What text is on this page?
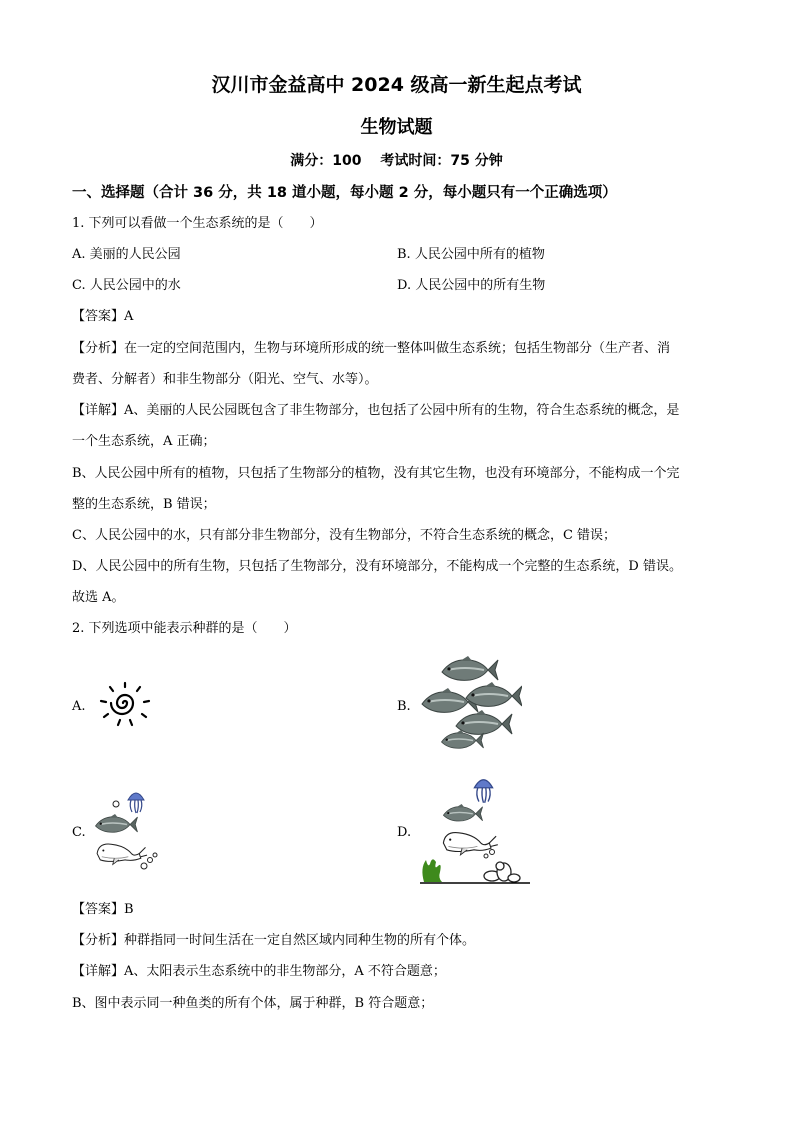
汉川市金益高中 2024 级高一新生起点考试
生物试题
满分：100　 考试时间：75 分钟
一、选择题（合计 36 分，共 18 道小题，每小题 2 分，每小题只有一个正确选项）
1. 下列可以看做一个生态系统的是（　　）
A. 美丽的人民公园	B. 人民公园中所有的植物
C. 人民公园中的水	D. 人民公园中的所有生物
【答案】A
【分析】在一定的空间范围内，生物与环境所形成的统一整体叫做生态系统；包括生物部分（生产者、消
费者、分解者）和非生物部分（阳光、空气、水等）。
【详解】A、美丽的人民公园既包含了非生物部分，也包括了公园中所有的生物，符合生态系统的概念，是
一个生态系统，A 正确；
B、人民公园中所有的植物，只包括了生物部分的植物，没有其它生物，也没有环境部分，不能构成一个完
整的生态系统，B 错误；
C、人民公园中的水，只有部分非生物部分，没有生物部分，不符合生态系统的概念，C 错误；
D、人民公园中的所有生物，只包括了生物部分，没有环境部分，不能构成一个完整的生态系统，D 错误。
故选 A。
2. 下列选项中能表示种群的是（　　）
A.	B.
C.	D.
【答案】B
【分析】种群指同一时间生活在一定自然区域内同种生物的所有个体。
【详解】A、太阳表示生态系统中的非生物部分，A 不符合题意；
B、图中表示同一种鱼类的所有个体，属于种群，B 符合题意；
